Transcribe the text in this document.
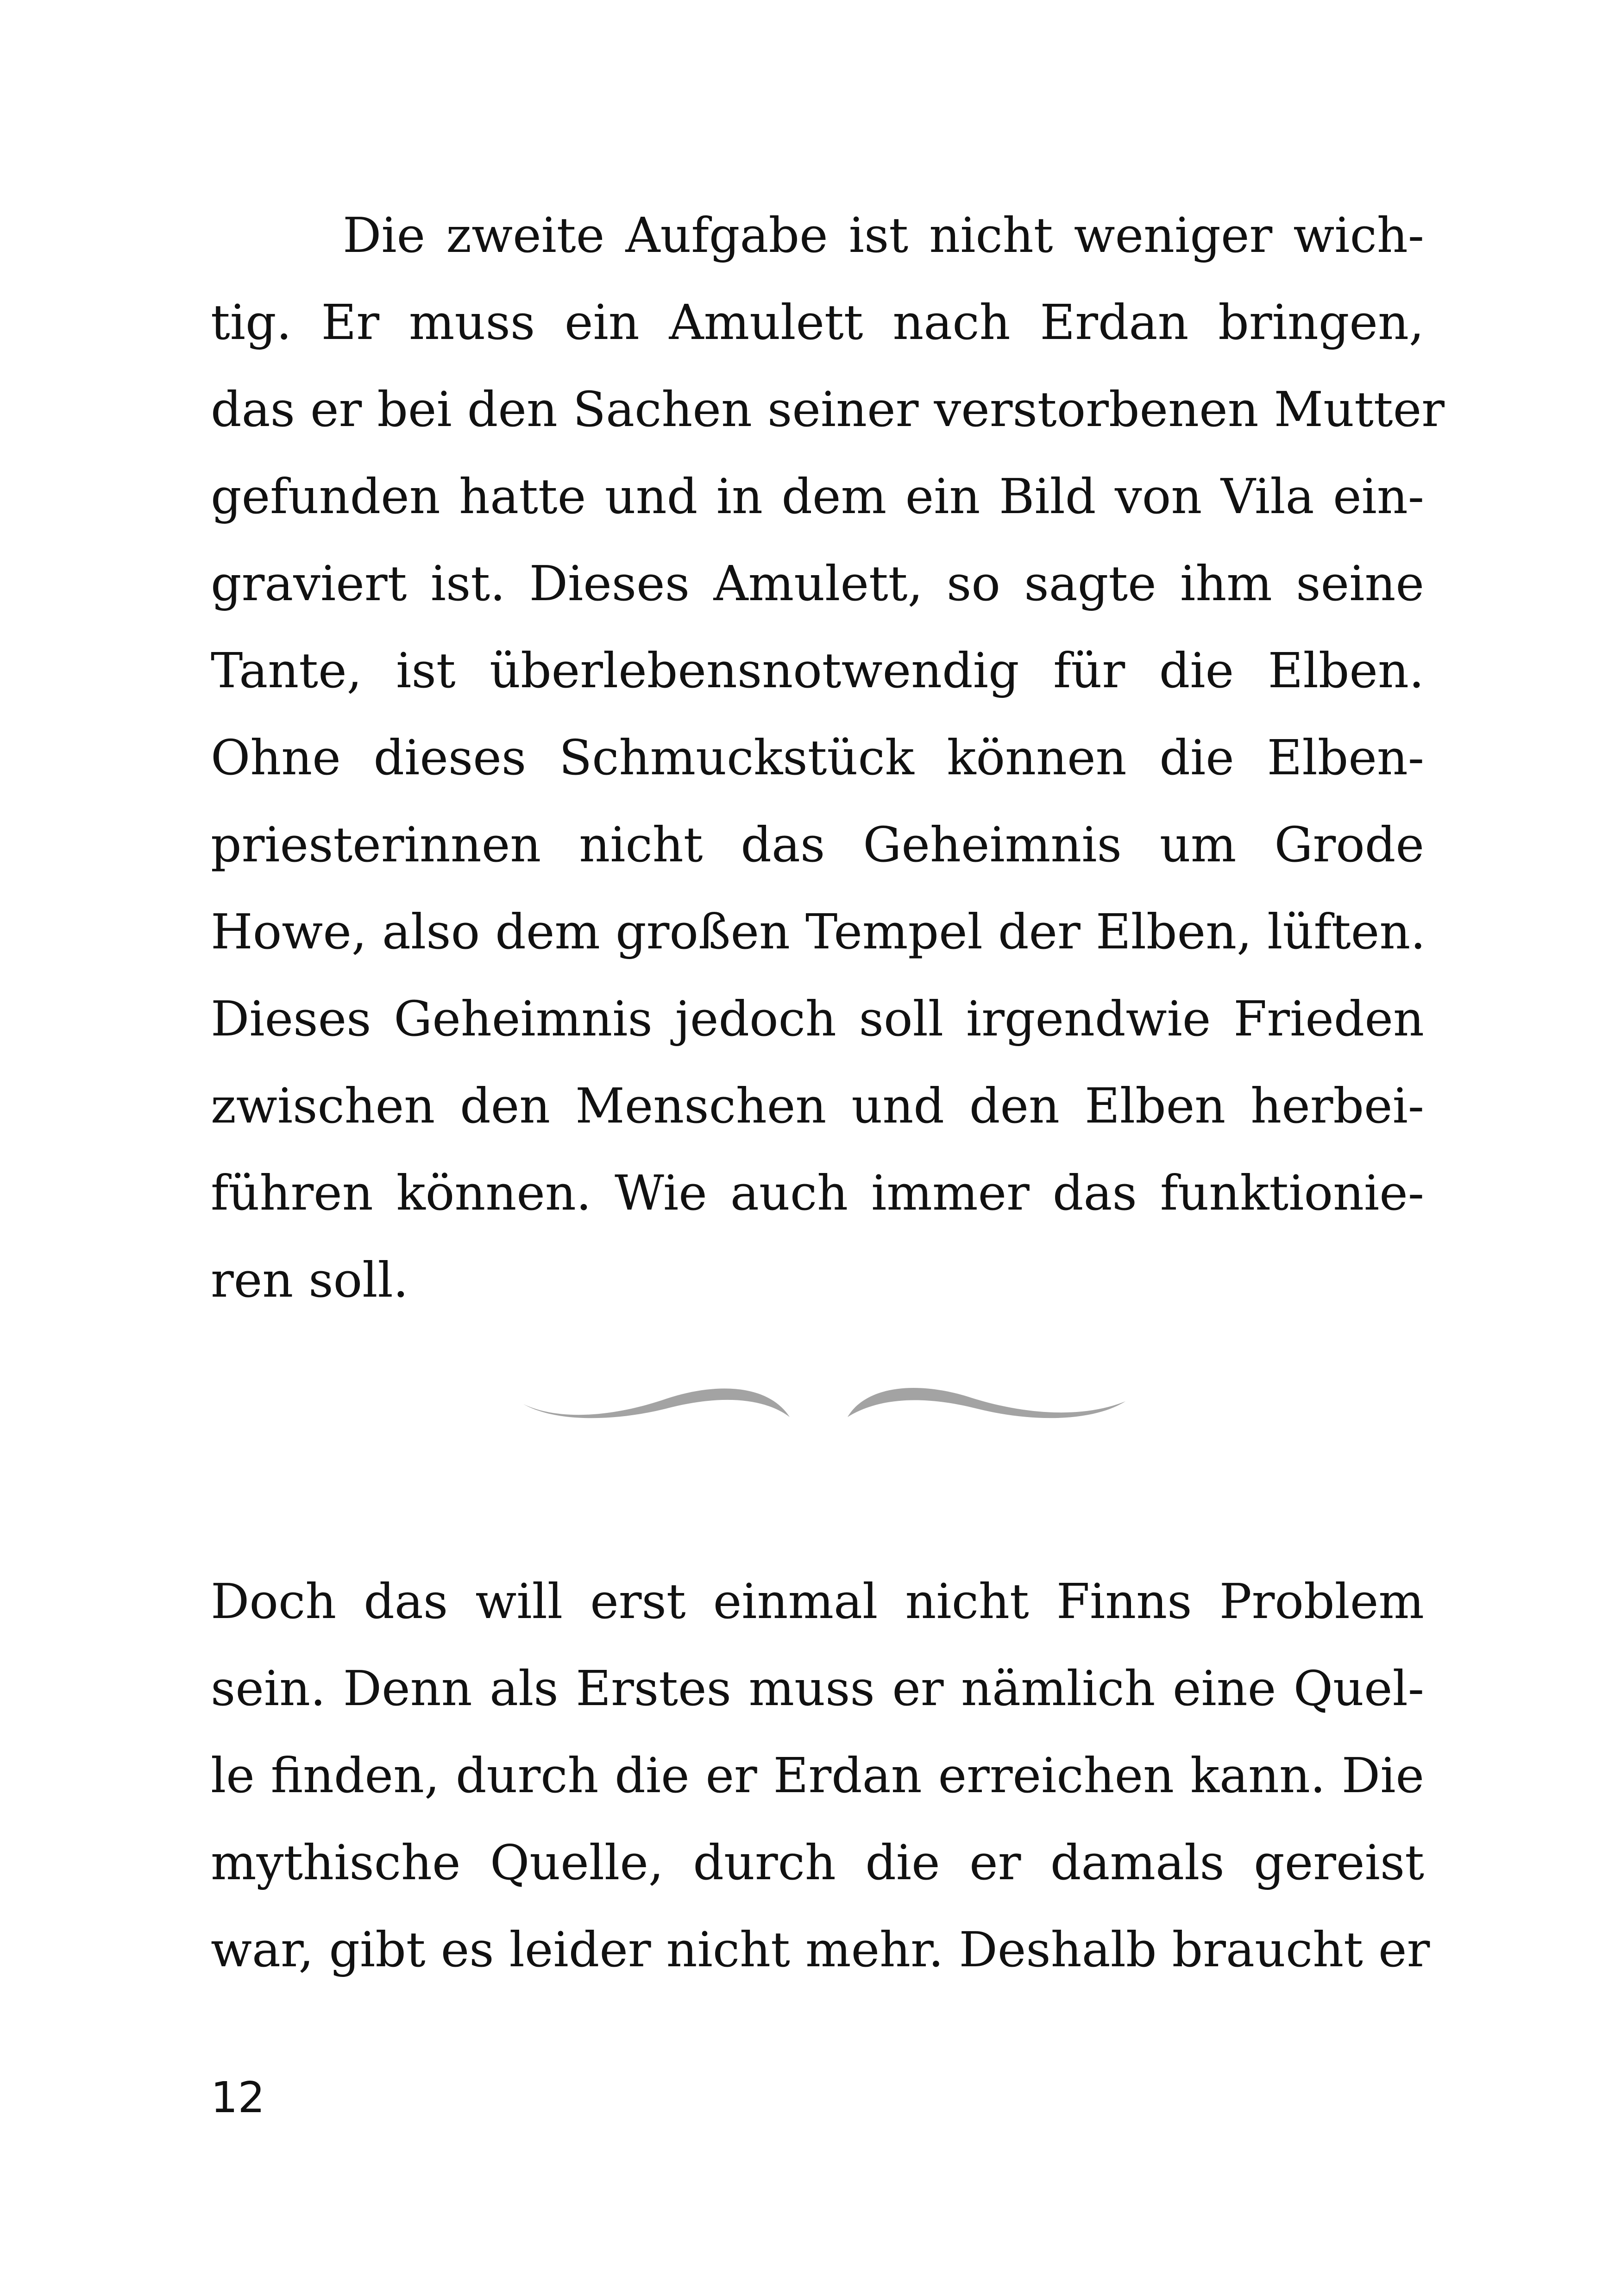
Die zweite Aufgabe ist nicht weniger wich-
tig. Er muss ein Amulett nach Erdan bringen,
das er bei den Sachen seiner verstorbenen Mutter
gefunden hatte und in dem ein Bild von Vila ein-
graviert ist. Dieses Amulett, so sagte ihm seine
Tante, ist überlebensnotwendig für die Elben.
Ohne dieses Schmuckstück können die Elben-
priesterinnen nicht das Geheimnis um Grode
Howe, also dem großen Tempel der Elben, lüften.
Dieses Geheimnis jedoch soll irgendwie Frieden
zwischen den Menschen und den Elben herbei-
führen können. Wie auch immer das funktionie-
ren soll.
Doch das will erst einmal nicht Finns Problem
sein. Denn als Erstes muss er nämlich eine Quel-
le finden, durch die er Erdan erreichen kann. Die
mythische Quelle, durch die er damals gereist
war, gibt es leider nicht mehr. Deshalb braucht er
12
